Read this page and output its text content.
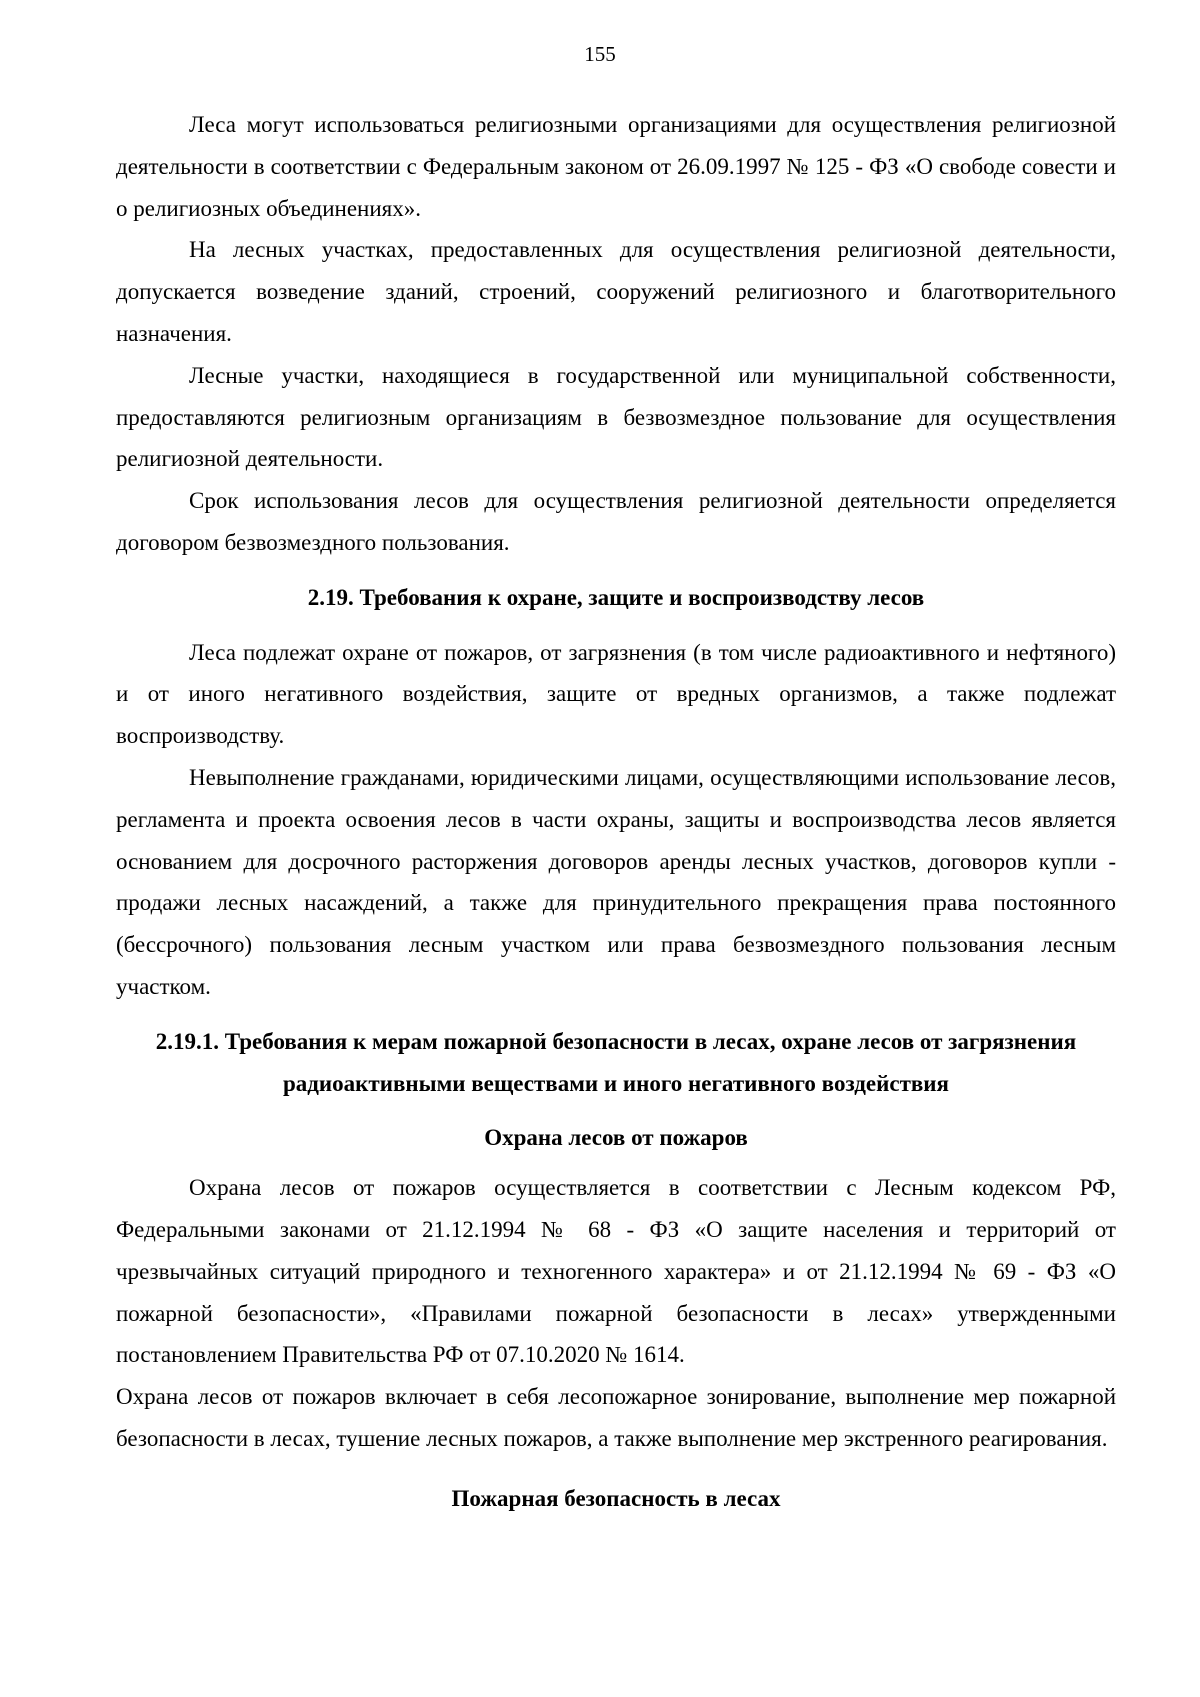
155

Леса могут использоваться религиозными организациями для осуществления религиозной деятельности в соответствии с Федеральным законом от 26.09.1997 № 125 - ФЗ «О свободе совести и о религиозных объединениях».

На лесных участках, предоставленных для осуществления религиозной деятельности, допускается возведение зданий, строений, сооружений религиозного и благотворительного назначения.

Лесные участки, находящиеся в государственной или муниципальной собственности, предоставляются религиозным организациям в безвозмездное пользование для осуществления религиозной деятельности.

Срок использования лесов для осуществления религиозной деятельности определяется договором безвозмездного пользования.

2.19. Требования к охране, защите и воспроизводству лесов

Леса подлежат охране от пожаров, от загрязнения (в том числе радиоактивного и нефтяного) и от иного негативного воздействия, защите от вредных организмов, а также подлежат воспроизводству.

Невыполнение гражданами, юридическими лицами, осуществляющими использование лесов, регламента и проекта освоения лесов в части охраны, защиты и воспроизводства лесов является основанием для досрочного расторжения договоров аренды лесных участков, договоров купли - продажи лесных насаждений, а также для принудительного прекращения права постоянного (бессрочного) пользования лесным участком или права безвозмездного пользования лесным участком.

2.19.1. Требования к мерам пожарной безопасности в лесах, охране лесов от загрязнения радиоактивными веществами и иного негативного воздействия
Охрана лесов от пожаров

Охрана лесов от пожаров осуществляется в соответствии с Лесным кодексом РФ, Федеральными законами от 21.12.1994 № 68 - ФЗ «О защите населения и территорий от чрезвычайных ситуаций природного и техногенного характера» и от 21.12.1994 № 69 - ФЗ «О пожарной безопасности», «Правилами пожарной безопасности в лесах» утвержденными постановлением Правительства РФ от 07.10.2020 № 1614.

Охрана лесов от пожаров включает в себя лесопожарное зонирование, выполнение мер пожарной безопасности в лесах, тушение лесных пожаров, а также выполнение мер экстренного реагирования.

Пожарная безопасность в лесах
